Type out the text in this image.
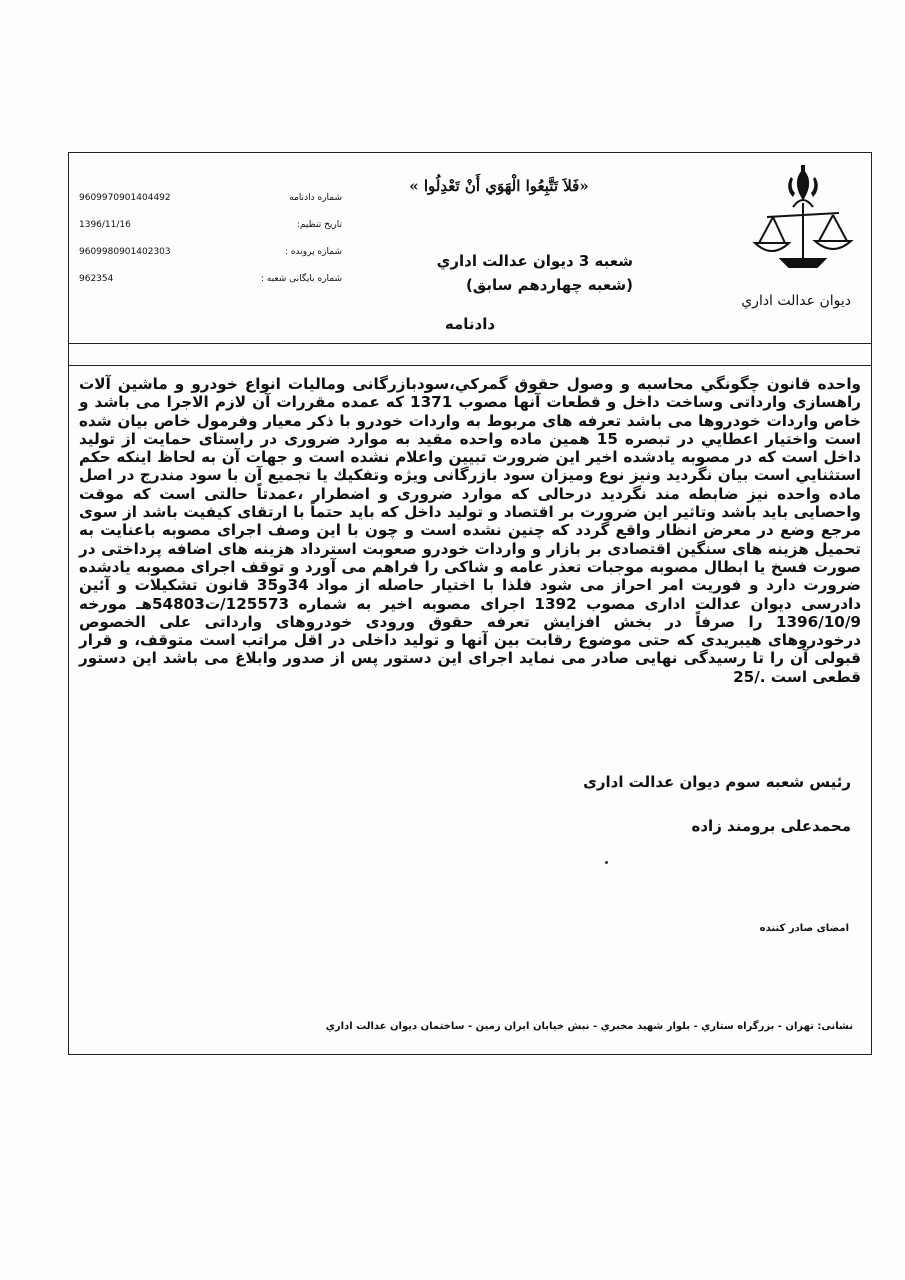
«فَلاَ تَتَّبِعُوا الْهَوَي أَنْ تَعْدِلُوا »
9609970901404492	شماره دادنامه
1396/11/16	تاریخ تنظیم:
9609980901402303	شماره پرونده :
962354	شماره بایگانی شعبه :
شعبه 3 ديوان عدالت اداري (شعبه چهاردهم سابق)
ديوان عدالت اداري
دادنامه
واحده قانون چگونگي محاسبه و وصول حقوق گمركي،سودبازرگانی وماليات انواع خودرو و ماشين آلات راهسازی وارداتی وساخت داخل و قطعات آنها مصوب 1371 كه عمده مقررات آن لازم الاجرا می باشد و خاص واردات خودروها می باشد تعرفه های مربوط به واردات خودرو با ذكر معيار وفرمول خاص بيان شده است واختيار اعطايي در تبصره 15 همين ماده واحده مقيد به موارد ضروری در راستای حمايت از توليد داخل است كه در مصوبه يادشده اخير اين ضرورت تبيين واعلام نشده است و جهات آن به لحاظ اينكه حكم استثنايي است بيان نگرديد ونيز نوع وميزان سود بازرگانی ويژه وتفكيك يا تجميع آن با سود مندرج در اصل ماده واحده نيز ضابطه مند نگرديد درحالی كه موارد ضروری و اضطرار ،عمدتاً حالتی است كه موقت واحصايی بايد باشد وتاثير اين ضرورت بر اقتصاد و توليد داخل كه بايد حتماً با ارتقای كيفيت باشد از سوی مرجع وضع در معرض انظار واقع گردد كه چنين نشده است و چون با اين وصف اجرای مصوبه باعنايت به تحميل هزينه های سنگين اقتصادی بر بازار و واردات خودرو صعوبت استرداد هزينه های اضافه پرداختی در صورت فسخ يا ابطال مصوبه موجبات تعذر عامه و شاكی را فراهم می آورد و توقف اجرای مصوبه يادشده ضرورت دارد و فوريت امر احراز می شود فلذا با اختيار حاصله از مواد 34و35 قانون تشكيلات و آئين دادرسی ديوان عدالت اداری مصوب 1392 اجرای مصوبه اخير به شماره 125573/ت54803هـ مورخه 1396/10/9 را صرفاً در بخش افزايش تعرفه حقوق ورودی خودروهای وارداتی علی الخصوص درخودروهای هيبريدی كه حتی موضوع رقابت بين آنها و توليد داخلی در اقل مراتب است متوقف، و قرار قبولی آن را تا رسيدگی نهايی صادر می نمايد اجرای اين دستور پس از صدور وابلاغ می باشد اين دستور قطعی است ./25
رئيس شعبه سوم ديوان عدالت اداری
محمدعلی برومند زاده
امضای صادر كننده
نشانی: تهران - بزرگراه ستاري - بلوار شهيد مخبري - نبش خيابان ايران زمين - ساختمان ديوان عدالت اداري
